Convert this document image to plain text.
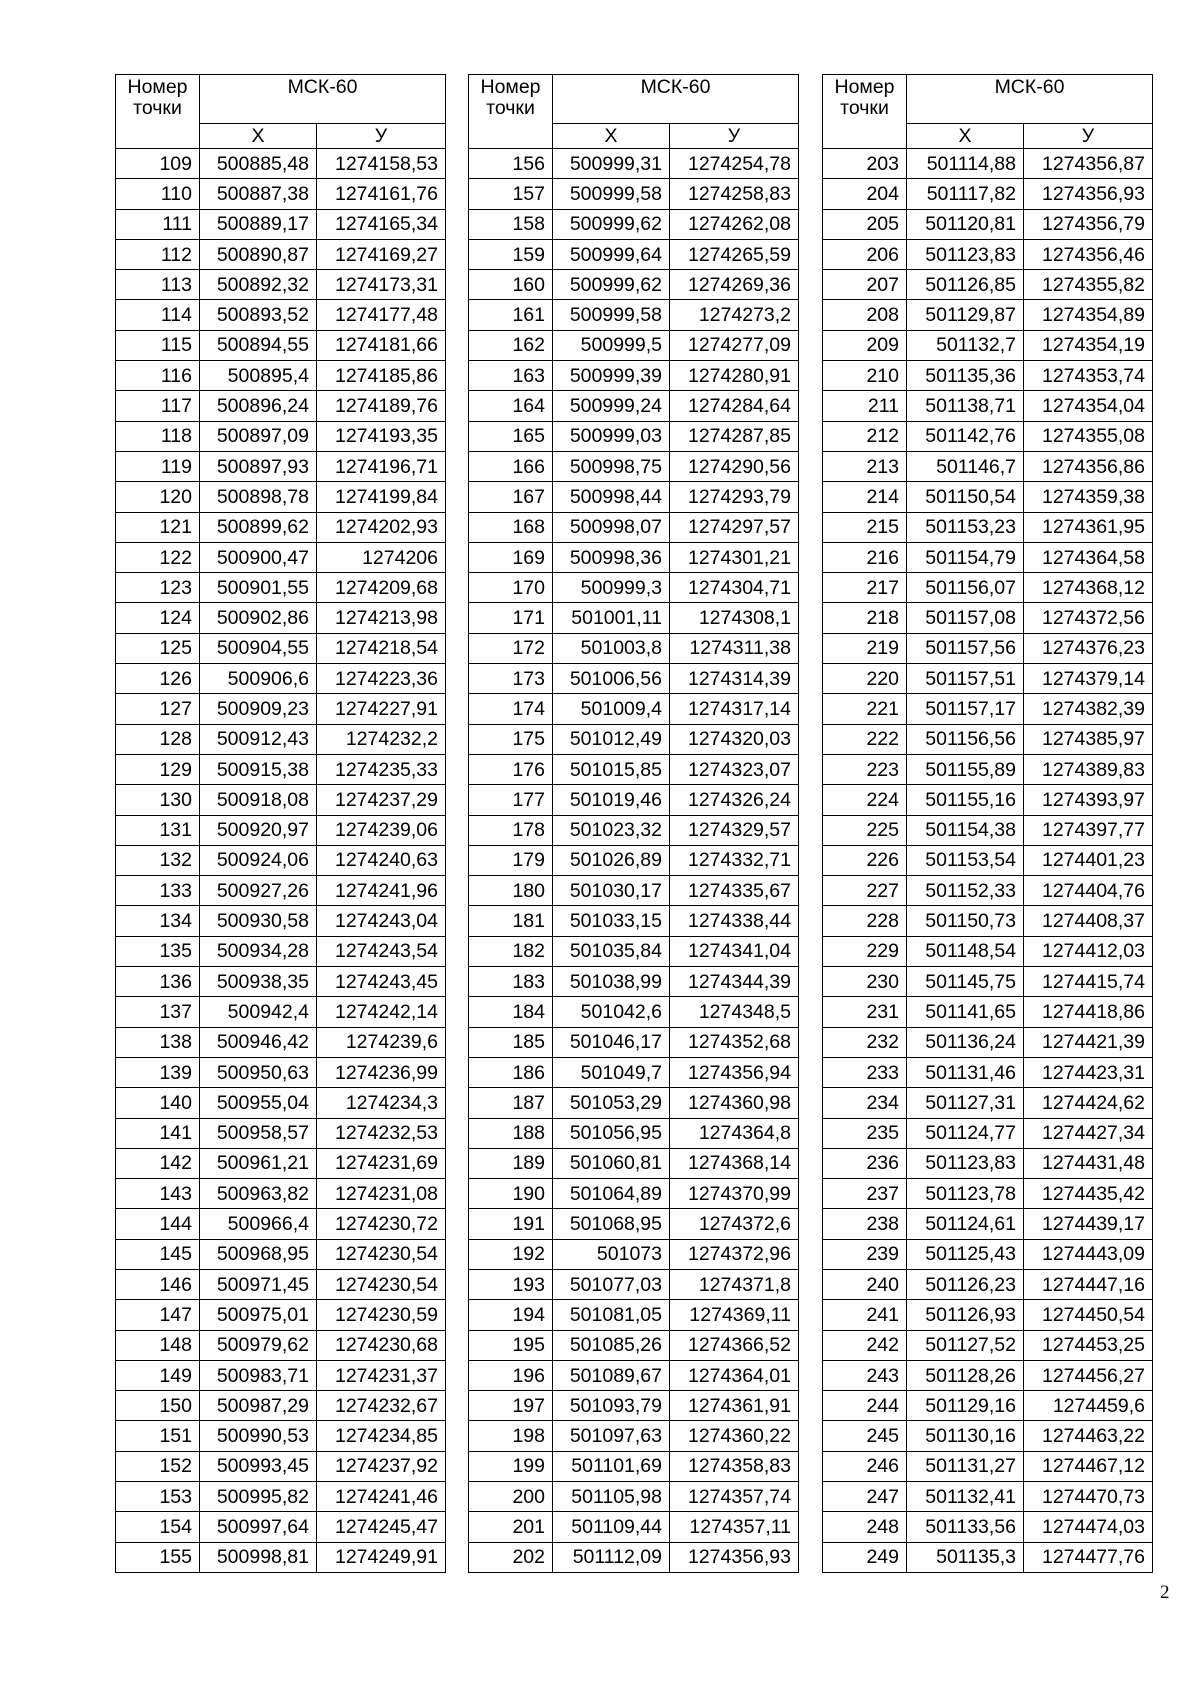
Номер точки	МСК-60	
	Х	У
109	500885,48	1274158,53
110	500887,38	1274161,76
111	500889,17	1274165,34
112	500890,87	1274169,27
113	500892,32	1274173,31
114	500893,52	1274177,48
115	500894,55	1274181,66
116	500895,4	1274185,86
117	500896,24	1274189,76
118	500897,09	1274193,35
119	500897,93	1274196,71
120	500898,78	1274199,84
121	500899,62	1274202,93
122	500900,47	1274206
123	500901,55	1274209,68
124	500902,86	1274213,98
125	500904,55	1274218,54
126	500906,6	1274223,36
127	500909,23	1274227,91
128	500912,43	1274232,2
129	500915,38	1274235,33
130	500918,08	1274237,29
131	500920,97	1274239,06
132	500924,06	1274240,63
133	500927,26	1274241,96
134	500930,58	1274243,04
135	500934,28	1274243,54
136	500938,35	1274243,45
137	500942,4	1274242,14
138	500946,42	1274239,6
139	500950,63	1274236,99
140	500955,04	1274234,3
141	500958,57	1274232,53
142	500961,21	1274231,69
143	500963,82	1274231,08
144	500966,4	1274230,72
145	500968,95	1274230,54
146	500971,45	1274230,54
147	500975,01	1274230,59
148	500979,62	1274230,68
149	500983,71	1274231,37
150	500987,29	1274232,67
151	500990,53	1274234,85
152	500993,45	1274237,92
153	500995,82	1274241,46
154	500997,64	1274245,47
155	500998,81	1274249,91
Номер точки	МСК-60	
	Х	У
156	500999,31	1274254,78
157	500999,58	1274258,83
158	500999,62	1274262,08
159	500999,64	1274265,59
160	500999,62	1274269,36
161	500999,58	1274273,2
162	500999,5	1274277,09
163	500999,39	1274280,91
164	500999,24	1274284,64
165	500999,03	1274287,85
166	500998,75	1274290,56
167	500998,44	1274293,79
168	500998,07	1274297,57
169	500998,36	1274301,21
170	500999,3	1274304,71
171	501001,11	1274308,1
172	501003,8	1274311,38
173	501006,56	1274314,39
174	501009,4	1274317,14
175	501012,49	1274320,03
176	501015,85	1274323,07
177	501019,46	1274326,24
178	501023,32	1274329,57
179	501026,89	1274332,71
180	501030,17	1274335,67
181	501033,15	1274338,44
182	501035,84	1274341,04
183	501038,99	1274344,39
184	501042,6	1274348,5
185	501046,17	1274352,68
186	501049,7	1274356,94
187	501053,29	1274360,98
188	501056,95	1274364,8
189	501060,81	1274368,14
190	501064,89	1274370,99
191	501068,95	1274372,6
192	501073	1274372,96
193	501077,03	1274371,8
194	501081,05	1274369,11
195	501085,26	1274366,52
196	501089,67	1274364,01
197	501093,79	1274361,91
198	501097,63	1274360,22
199	501101,69	1274358,83
200	501105,98	1274357,74
201	501109,44	1274357,11
202	501112,09	1274356,93
Номер точки	МСК-60	
	Х	У
203	501114,88	1274356,87
204	501117,82	1274356,93
205	501120,81	1274356,79
206	501123,83	1274356,46
207	501126,85	1274355,82
208	501129,87	1274354,89
209	501132,7	1274354,19
210	501135,36	1274353,74
211	501138,71	1274354,04
212	501142,76	1274355,08
213	501146,7	1274356,86
214	501150,54	1274359,38
215	501153,23	1274361,95
216	501154,79	1274364,58
217	501156,07	1274368,12
218	501157,08	1274372,56
219	501157,56	1274376,23
220	501157,51	1274379,14
221	501157,17	1274382,39
222	501156,56	1274385,97
223	501155,89	1274389,83
224	501155,16	1274393,97
225	501154,38	1274397,77
226	501153,54	1274401,23
227	501152,33	1274404,76
228	501150,73	1274408,37
229	501148,54	1274412,03
230	501145,75	1274415,74
231	501141,65	1274418,86
232	501136,24	1274421,39
233	501131,46	1274423,31
234	501127,31	1274424,62
235	501124,77	1274427,34
236	501123,83	1274431,48
237	501123,78	1274435,42
238	501124,61	1274439,17
239	501125,43	1274443,09
240	501126,23	1274447,16
241	501126,93	1274450,54
242	501127,52	1274453,25
243	501128,26	1274456,27
244	501129,16	1274459,6
245	501130,16	1274463,22
246	501131,27	1274467,12
247	501132,41	1274470,73
248	501133,56	1274474,03
249	501135,3	1274477,76
2
